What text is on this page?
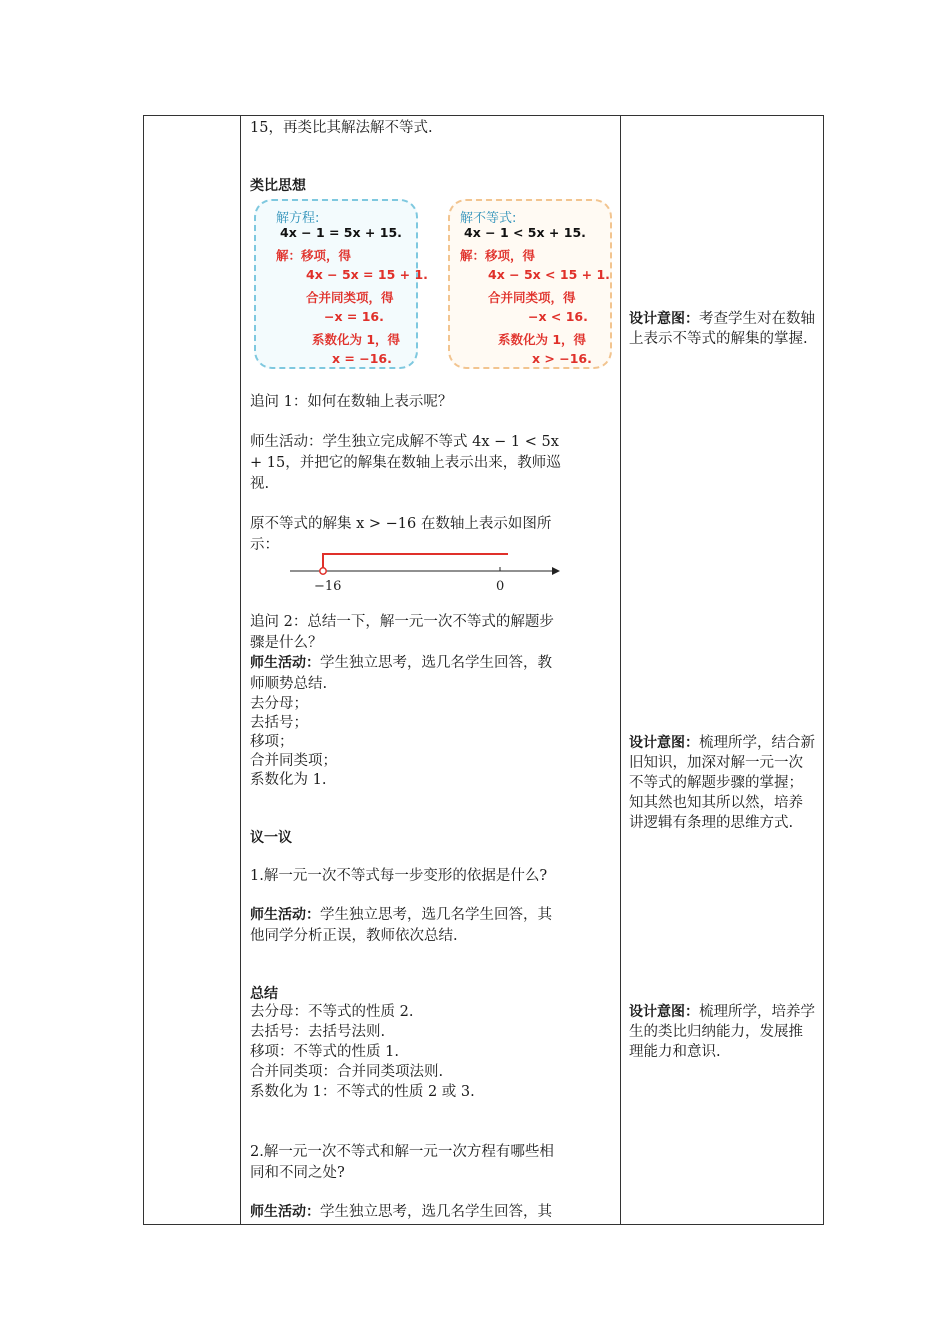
15，再类比其解法解不等式.
类比思想
解方程:
4x − 1 = 5x + 15.
解：移项，得
4x − 5x = 15 + 1.
合并同类项，得
−x = 16.
系数化为 1，得
x = −16.
解不等式:
4x − 1 < 5x + 15.
解：移项，得
4x − 5x < 15 + 1.
合并同类项，得
−x < 16.
系数化为 1，得
x > −16.
追问 1：如何在数轴上表示呢？
师生活动：学生独立完成解不等式 4x − 1 < 5x
+ 15，并把它的解集在数轴上表示出来，教师巡
视.
原不等式的解集 x > −16 在数轴上表示如图所
示：
−16	0
追问 2：总结一下，解一元一次不等式的解题步
骤是什么？
师生活动：学生独立思考，选几名学生回答，教
师顺势总结.
去分母；
去括号；
移项；
合并同类项；
系数化为 1.
议一议
1.解一元一次不等式每一步变形的依据是什么?
师生活动：学生独立思考，选几名学生回答，其
他同学分析正误，教师依次总结.
总结
去分母：不等式的性质 2.
去括号：去括号法则.
移项：不等式的性质 1.
合并同类项：合并同类项法则.
系数化为 1：不等式的性质 2 或 3.
2.解一元一次不等式和解一元一次方程有哪些相
同和不同之处?
师生活动：学生独立思考，选几名学生回答，其
设计意图：考查学生对在数轴上表示不等式的解集的掌握.
设计意图：梳理所学，结合新旧知识，加深对解一元一次不等式的解题步骤的掌握；知其然也知其所以然，培养讲逻辑有条理的思维方式.
设计意图：梳理所学，培养学生的类比归纳能力，发展推理能力和意识.
